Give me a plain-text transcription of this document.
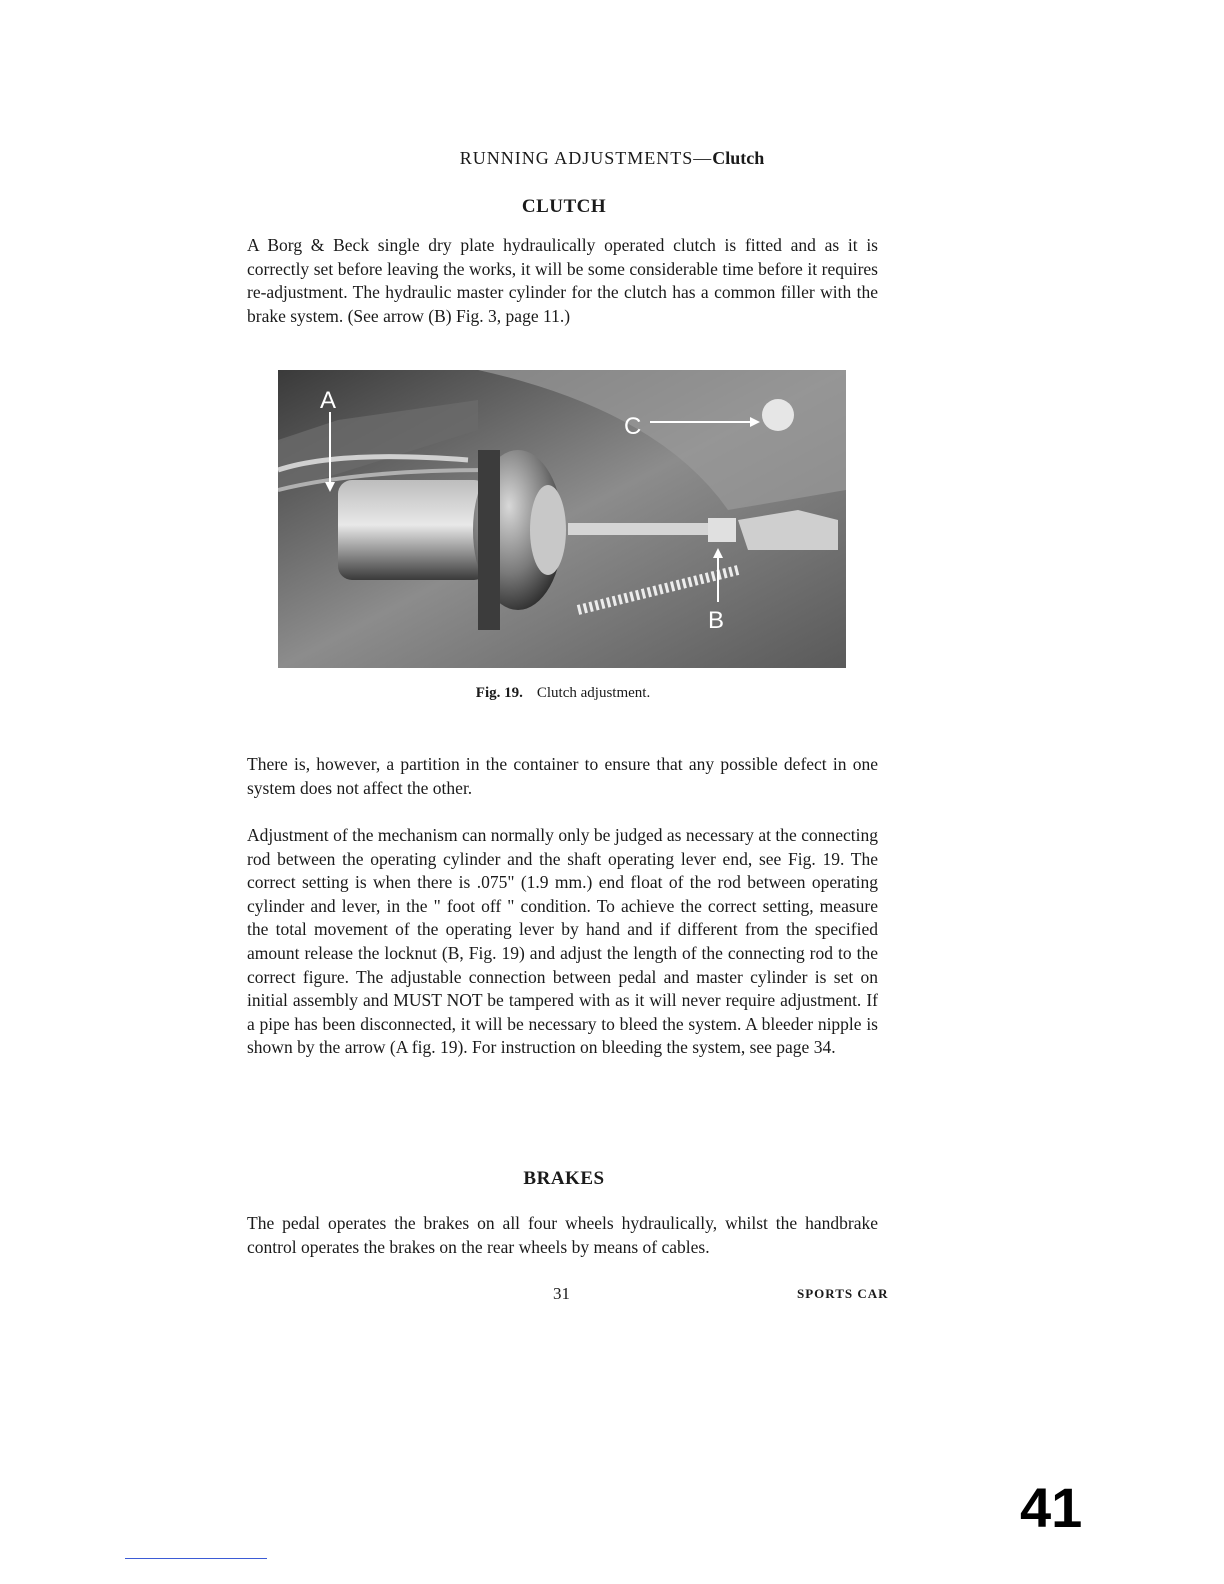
RUNNING ADJUSTMENTS—Clutch
CLUTCH

A Borg & Beck single dry plate hydraulically operated clutch is fitted and as it is correctly set before leaving the works, it will be some considerable time before it requires re-adjustment. The hydraulic master cylinder for the clutch has a common filler with the brake system. (See arrow (B) Fig. 3, page 11.)

A
C
B
Fig. 19. Clutch adjustment.

There is, however, a partition in the container to ensure that any possible defect in one system does not affect the other.

Adjustment of the mechanism can normally only be judged as necessary at the connecting rod between the operating cylinder and the shaft operating lever end, see Fig. 19. The correct setting is when there is .075" (1.9 mm.) end float of the rod between operating cylinder and lever, in the " foot off " condition. To achieve the correct setting, measure the total movement of the operating lever by hand and if different from the specified amount release the locknut (B, Fig. 19) and adjust the length of the connecting rod to the correct figure. The adjustable connection between pedal and master cylinder is set on initial assembly and MUST NOT be tampered with as it will never require adjustment. If a pipe has been disconnected, it will be necessary to bleed the system. A bleeder nipple is shown by the arrow (A fig. 19). For instruction on bleeding the system, see page 34.

BRAKES

The pedal operates the brakes on all four wheels hydraulically, whilst the handbrake control operates the brakes on the rear wheels by means of cables.

31	SPORTS CAR
41
